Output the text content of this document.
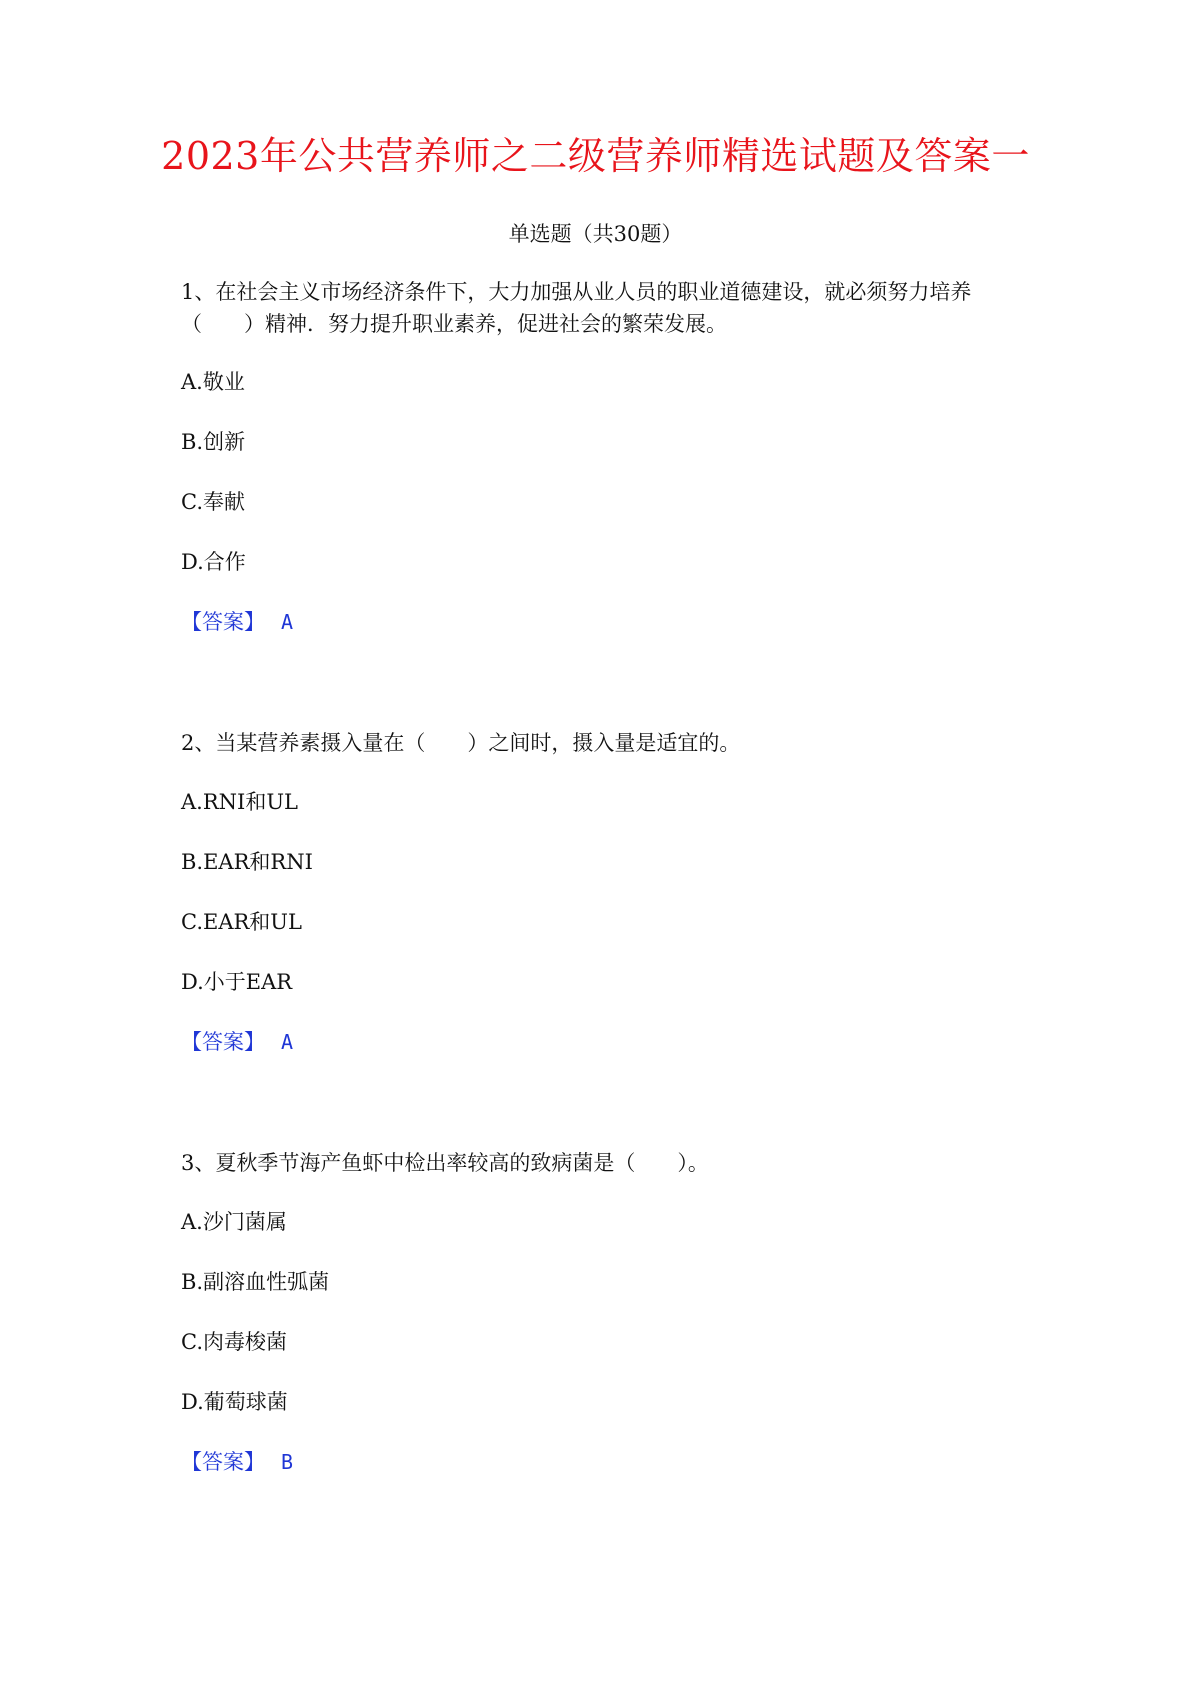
2023年公共营养师之二级营养师精选试题及答案一
单选题（共30题）
1、在社会主义市场经济条件下，大力加强从业人员的职业道德建设，就必须努力培养（　　）精神．努力提升职业素养，促进社会的繁荣发展。
A.敬业
B.创新
C.奉献
D.合作
【答案】 A
2、当某营养素摄入量在（　　）之间时，摄入量是适宜的。
A.RNI和UL
B.EAR和RNI
C.EAR和UL
D.小于EAR
【答案】 A
3、夏秋季节海产鱼虾中检出率较高的致病菌是（　　）。
A.沙门菌属
B.副溶血性弧菌
C.肉毒梭菌
D.葡萄球菌
【答案】 B
